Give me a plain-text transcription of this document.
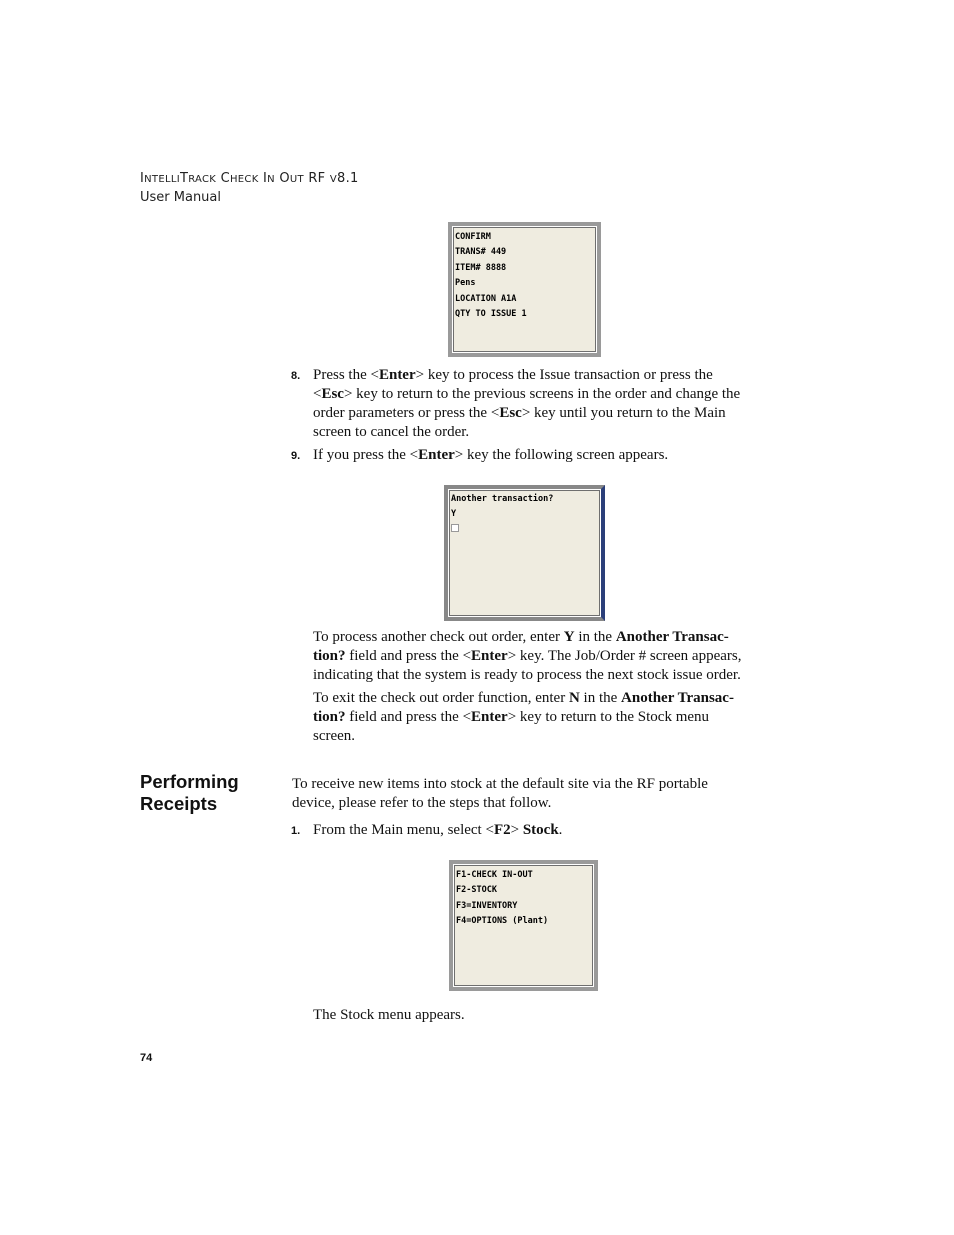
INTELLITRACK CHECK IN OUT RF V8.1
User Manual
CONFIRM
TRANS# 449
ITEM# 8888
Pens
LOCATION A1A
QTY TO ISSUE 1
8. Press the <Enter> key to process the Issue transaction or press the
<Esc> key to return to the previous screens in the order and change the
order parameters or press the <Esc> key until you return to the Main
screen to cancel the order.
9. If you press the <Enter> key the following screen appears.
Another transaction?
Y

To process another check out order, enter Y in the Another Transac-
tion? field and press the <Enter> key. The Job/Order # screen appears,
indicating that the system is ready to process the next stock issue order.
To exit the check out order function, enter N in the Another Transac-
tion? field and press the <Enter> key to return to the Stock menu
screen.
Performing
Receipts
To receive new items into stock at the default site via the RF portable
device, please refer to the steps that follow.
1. From the Main menu, select <F2> Stock.
F1-CHECK IN-OUT
F2-STOCK
F3=INVENTORY
F4=OPTIONS (Plant)
The Stock menu appears.
74
